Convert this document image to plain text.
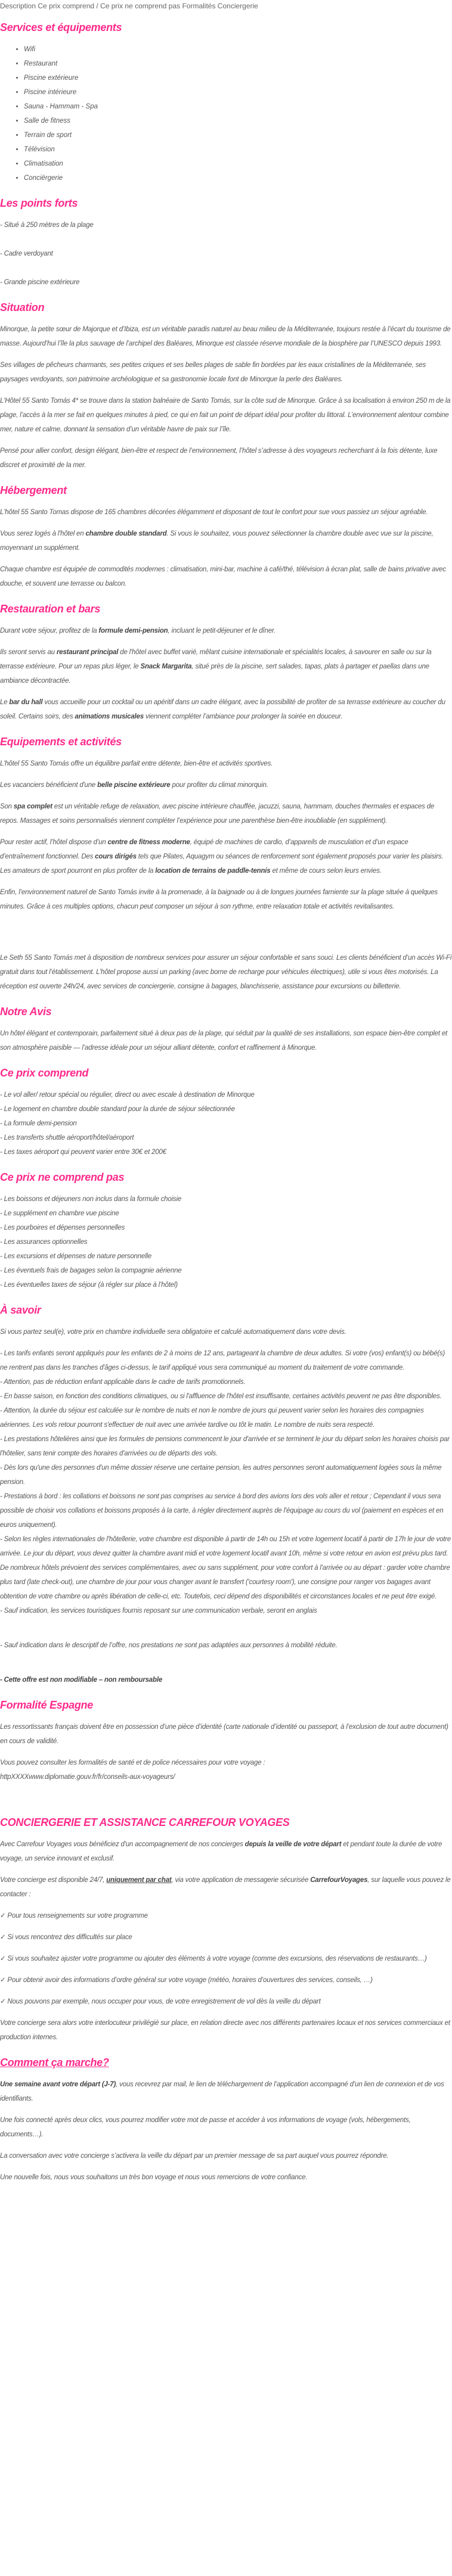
Description Ce prix comprend / Ce prix ne comprend pas Formalités Conciergerie
Services et équipements
• Wifi
• Restaurant
• Piscine extérieure
• Piscine intérieure
• Sauna - Hammam - Spa
• Salle de fitness
• Terrain de sport
• Télévision
• Climatisation
• Conciërgerie
Les points forts

- Situé à 250 mètres de la plage

- Cadre verdoyant

- Grande piscine extérieure

Situation

Minorque, la petite sœur de Majorque et d’Ibiza, est un véritable paradis naturel au beau milieu de la Méditerranée, toujours restée à l’écart du tourisme de masse. Aujourd’hui l’île la plus sauvage de l’archipel des Baléares, Minorque est classée réserve mondiale de la biosphère par l’UNESCO depuis 1993.

Ses villages de pêcheurs charmants, ses petites criques et ses belles plages de sable fin bordées par les eaux cristallines de la Méditerranée, ses paysages verdoyants, son patrimoine archéologique et sa gastronomie locale font de Minorque la perle des Baléares.

L'Hôtel 55 Santo Tomás 4* se trouve dans la station balnéaire de Santo Tomás, sur la côte sud de Minorque. Grâce à sa localisation à environ 250 m de la plage, l’accès à la mer se fait en quelques minutes à pied, ce qui en fait un point de départ idéal pour profiter du littoral. L’environnement alentour combine mer, nature et calme, donnant la sensation d’un véritable havre de paix sur l’île.

Pensé pour allier confort, design élégant, bien-être et respect de l’environnement, l’hôtel s’adresse à des voyageurs recherchant à la fois détente, luxe discret et proximité de la mer.

Hébergement

L'hôtel 55 Santo Tomas dispose de 165 chambres décorées élégamment et disposant de tout le confort pour sue vous passiez un séjour agréable.

Vous serez logés à l'hôtel en chambre double standard. Si vous le souhaitez, vous pouvez sélectionner la chambre double avec vue sur la piscine, moyennant un supplément.

Chaque chambre est équipée de commodités modernes : climatisation, mini-bar, machine à café/thé, télévision à écran plat, salle de bains privative avec douche, et souvent une terrasse ou balcon.

Restauration et bars

Durant votre séjour, profitez de la formule demi-pension, incluant le petit-déjeuner et le dîner.

Ils seront servis au restaurant principal de l'hôtel avec buffet varié, mêlant cuisine internationale et spécialités locales, à savourer en salle ou sur la terrasse extérieure. Pour un repas plus léger, le Snack Margarita, situé près de la piscine, sert salades, tapas, plats à partager et paellas dans une ambiance décontractée.

Le bar du hall vous accueille pour un cocktail ou un apéritif dans un cadre élégant, avec la possibilité de profiter de sa terrasse extérieure au coucher du soleil. Certains soirs, des animations musicales viennent compléter l’ambiance pour prolonger la soirée en douceur.

Equipements et activités

L'hôtel 55 Santo Tomás offre un équilibre parfait entre détente, bien-être et activités sportives.

Les vacanciers bénéficient d'une belle piscine extérieure pour profiter du climat minorquin.

Son spa complet est un véritable refuge de relaxation, avec piscine intérieure chauffée, jacuzzi, sauna, hammam, douches thermales et espaces de repos. Massages et soins personnalisés viennent compléter l’expérience pour une parenthèse bien-être inoubliable (en supplément).

Pour rester actif, l’hôtel dispose d’un centre de fitness moderne, équipé de machines de cardio, d’appareils de musculation et d’un espace d’entraînement fonctionnel. Des cours dirigés tels que Pilates, Aquagym ou séances de renforcement sont également proposés pour varier les plaisirs. Les amateurs de sport pourront en plus profiter de la location de terrains de paddle-tennis et même de cours selon leurs envies.

Enfin, l’environnement naturel de Santo Tomás invite à la promenade, à la baignade ou à de longues journées farniente sur la plage située à quelques minutes. Grâce à ces multiples options, chacun peut composer un séjour à son rythme, entre relaxation totale et activités revitalisantes.

Le Seth 55 Santo Tomás met à disposition de nombreux services pour assurer un séjour confortable et sans souci. Les clients bénéficient d’un accès Wi-Fi gratuit dans tout l’établissement. L’hôtel propose aussi un parking (avec borne de recharge pour véhicules électriques), utile si vous êtes motorisés. La réception est ouverte 24h/24, avec services de conciergerie, consigne à bagages, blanchisserie, assistance pour excursions ou billetterie.

Notre Avis

Un hôtel élégant et contemporain, parfaitement situé à deux pas de la plage, qui séduit par la qualité de ses installations, son espace bien-être complet et son atmosphère paisible — l’adresse idéale pour un séjour alliant détente, confort et raffinement à Minorque.

Ce prix comprend
- Le vol aller/ retour spécial ou régulier, direct ou avec escale à destination de Minorque
- Le logement en chambre double standard pour la durée de séjour sélectionnée
- La formule demi-pension
- Les transferts shuttle aéroport/hôtel/aéroport
- Les taxes aéroport qui peuvent varier entre 30€ et 200€
Ce prix ne comprend pas
- Les boissons et déjeuners non inclus dans la formule choisie
- Le supplément en chambre vue piscine
- Les pourboires et dépenses personnelles
- Les assurances optionnelles
- Les excursions et dépenses de nature personnelle
- Les éventuels frais de bagages selon la compagnie aérienne
- Les éventuelles taxes de séjour (à régler sur place à l’hôtel)
À savoir

Si vous partez seul(e), votre prix en chambre individuelle sera obligatoire et calculé automatiquement dans votre devis.

- Les tarifs enfants seront appliqués pour les enfants de 2 à moins de 12 ans, partageant la chambre de deux adultes. Si votre (vos) enfant(s) ou bébé(s) ne rentrent pas dans les tranches d'âges ci-dessus, le tarif appliqué vous sera communiqué au moment du traitement de votre commande.
- Attention, pas de réduction enfant applicable dans le cadre de tarifs promotionnels.
- En basse saison, en fonction des conditions climatiques, ou si l'affluence de l'hôtel est insuffisante, certaines activités peuvent ne pas être disponibles.
- Attention, la durée du séjour est calculée sur le nombre de nuits et non le nombre de jours qui peuvent varier selon les horaires des compagnies aériennes. Les vols retour pourront s'effectuer de nuit avec une arrivée tardive ou tôt le matin. Le nombre de nuits sera respecté.
- Les prestations hôtelières ainsi que les formules de pensions commencent le jour d'arrivée et se terminent le jour du départ selon les horaires choisis par l'hôtelier, sans tenir compte des horaires d'arrivées ou de départs des vols.
- Dès lors qu'une des personnes d'un même dossier réserve une certaine pension, les autres personnes seront automatiquement logées sous la même pension.
- Prestations à bord : les collations et boissons ne sont pas comprises au service à bord des avions lors des vols aller et retour ; Cependant il vous sera possible de choisir vos collations et boissons proposés à la carte, à régler directement auprès de l'équipage au cours du vol (paiement en espèces et en euros uniquement).
- Selon les règles internationales de l'hôtellerie, votre chambre est disponible à partir de 14h ou 15h et votre logement locatif à partir de 17h le jour de votre arrivée. Le jour du départ, vous devez quitter la chambre avant midi et votre logement locatif avant 10h, même si votre retour en avion est prévu plus tard. De nombreux hôtels prévoient des services complémentaires, avec ou sans supplément, pour votre confort à l'arrivée ou au départ : garder votre chambre plus tard (late check-out), une chambre de jour pour vous changer avant le transfert ('courtesy room'), une consigne pour ranger vos bagages avant obtention de votre chambre ou après libération de celle-ci, etc. Toutefois, ceci dépend des disponibilités et circonstances locales et ne peut être exigé.
- Sauf indication, les services touristiques fournis reposant sur une communication verbale, seront en anglais
- Sauf indication dans le descriptif de l’offre, nos prestations ne sont pas adaptées aux personnes à mobilité réduite.
- Cette offre est non modifiable – non remboursable
Formalité Espagne

Les ressortissants français doivent être en possession d’une pièce d’identité (carte nationale d’identité ou passeport, à l’exclusion de tout autre document) en cours de validité.

Vous pouvez consulter les formalités de santé et de police nécessaires pour votre voyage :
httpXXXXwww.diplomatie.gouv.fr/fr/conseils-aux-voyageurs/
CONCIERGERIE ET ASSISTANCE CARREFOUR VOYAGES

Avec Carrefour Voyages vous bénéficiez d'un accompagnement de nos concierges depuis la veille de votre départ et pendant toute la durée de votre voyage, un service innovant et exclusif.

Votre concierge est disponible 24/7, uniquement par chat, via votre application de messagerie sécurisée CarrefourVoyages, sur laquelle vous pouvez le contacter :

✓ Pour tous renseignements sur votre programme

✓ Si vous rencontrez des difficultés sur place

✓ Si vous souhaitez ajuster votre programme ou ajouter des éléments à votre voyage (comme des excursions, des réservations de restaurants…)

✓ Pour obtenir avoir des informations d’ordre général sur votre voyage (météo, horaires d’ouvertures des services, conseils, …)

✓ Nous pouvons par exemple, nous occuper pour vous, de votre enregistrement de vol dès la veille du départ

Votre concierge sera alors votre interlocuteur privilégié sur place, en relation directe avec nos différents partenaires locaux et nos services commerciaux et production internes.

Comment ça marche?

Une semaine avant votre départ (J-7), vous recevrez par mail, le lien de téléchargement de l’application accompagné d’un lien de connexion et de vos identifiants.

Une fois connecté après deux clics, vous pourrez modifier votre mot de passe et accéder à vos informations de voyage (vols, hébergements, documents…).

La conversation avec votre concierge s’activera la veille du départ par un premier message de sa part auquel vous pourrez répondre.

Une nouvelle fois, nous vous souhaitons un très bon voyage et nous vous remercions de votre confiance.
